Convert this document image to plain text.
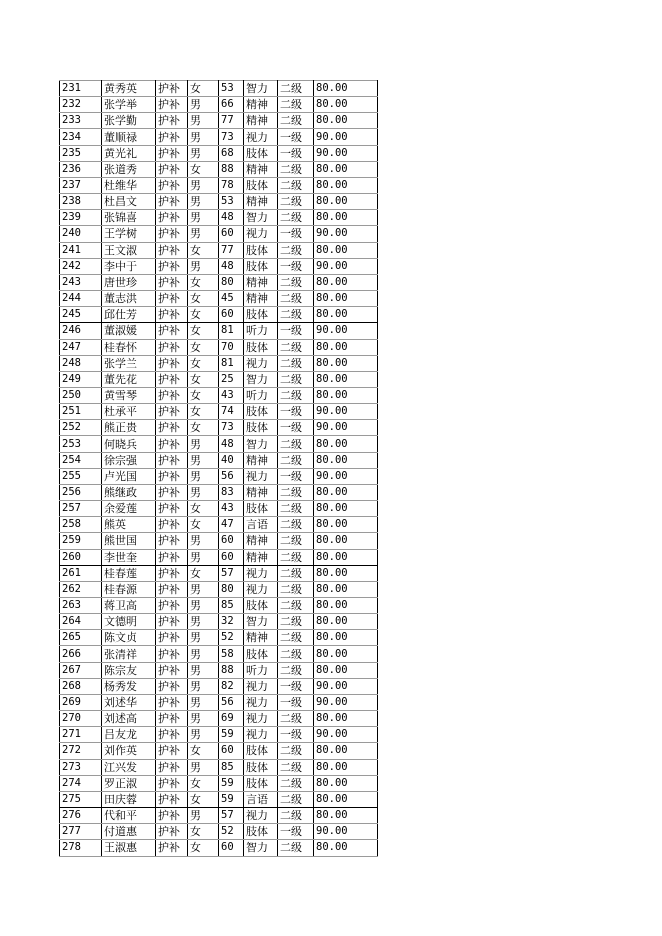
231	黄秀英	护补	女	53	智力	二级	80.00
232	张学举	护补	男	66	精神	二级	80.00
233	张学勤	护补	男	77	精神	二级	80.00
234	董顺禄	护补	男	73	视力	一级	90.00
235	黄光礼	护补	男	68	肢体	一级	90.00
236	张道秀	护补	女	88	精神	二级	80.00
237	杜维华	护补	男	78	肢体	二级	80.00
238	杜昌文	护补	男	53	精神	二级	80.00
239	张锦喜	护补	男	48	智力	二级	80.00
240	王学树	护补	男	60	视力	一级	90.00
241	王文淑	护补	女	77	肢体	二级	80.00
242	李中于	护补	男	48	肢体	一级	90.00
243	唐世珍	护补	女	80	精神	二级	80.00
244	董志洪	护补	女	45	精神	二级	80.00
245	邱仕芳	护补	女	60	肢体	二级	80.00
246	董淑媛	护补	女	81	听力	一级	90.00
247	桂春怀	护补	女	70	肢体	二级	80.00
248	张学兰	护补	女	81	视力	二级	80.00
249	董先花	护补	女	25	智力	二级	80.00
250	黄雪琴	护补	女	43	听力	二级	80.00
251	杜承平	护补	女	74	肢体	一级	90.00
252	熊正贵	护补	女	73	肢体	一级	90.00
253	何晓兵	护补	男	48	智力	二级	80.00
254	徐宗强	护补	男	40	精神	二级	80.00
255	卢光国	护补	男	56	视力	一级	90.00
256	熊继政	护补	男	83	精神	二级	80.00
257	余爱莲	护补	女	43	肢体	二级	80.00
258	熊英	护补	女	47	言语	二级	80.00
259	熊世国	护补	男	60	精神	二级	80.00
260	李世奎	护补	男	60	精神	二级	80.00
261	桂春莲	护补	女	57	视力	二级	80.00
262	桂春源	护补	男	80	视力	二级	80.00
263	蒋卫高	护补	男	85	肢体	二级	80.00
264	文德明	护补	男	32	智力	二级	80.00
265	陈文贞	护补	男	52	精神	二级	80.00
266	张清祥	护补	男	58	肢体	二级	80.00
267	陈宗友	护补	男	88	听力	二级	80.00
268	杨秀发	护补	男	82	视力	一级	90.00
269	刘述华	护补	男	56	视力	一级	90.00
270	刘述高	护补	男	69	视力	二级	80.00
271	吕友龙	护补	男	59	视力	一级	90.00
272	刘作英	护补	女	60	肢体	二级	80.00
273	江兴发	护补	男	85	肢体	二级	80.00
274	罗正淑	护补	女	59	肢体	二级	80.00
275	田庆蓉	护补	女	59	言语	二级	80.00
276	代和平	护补	男	57	视力	二级	80.00
277	付道惠	护补	女	52	肢体	一级	90.00
278	王淑惠	护补	女	60	智力	二级	80.00
